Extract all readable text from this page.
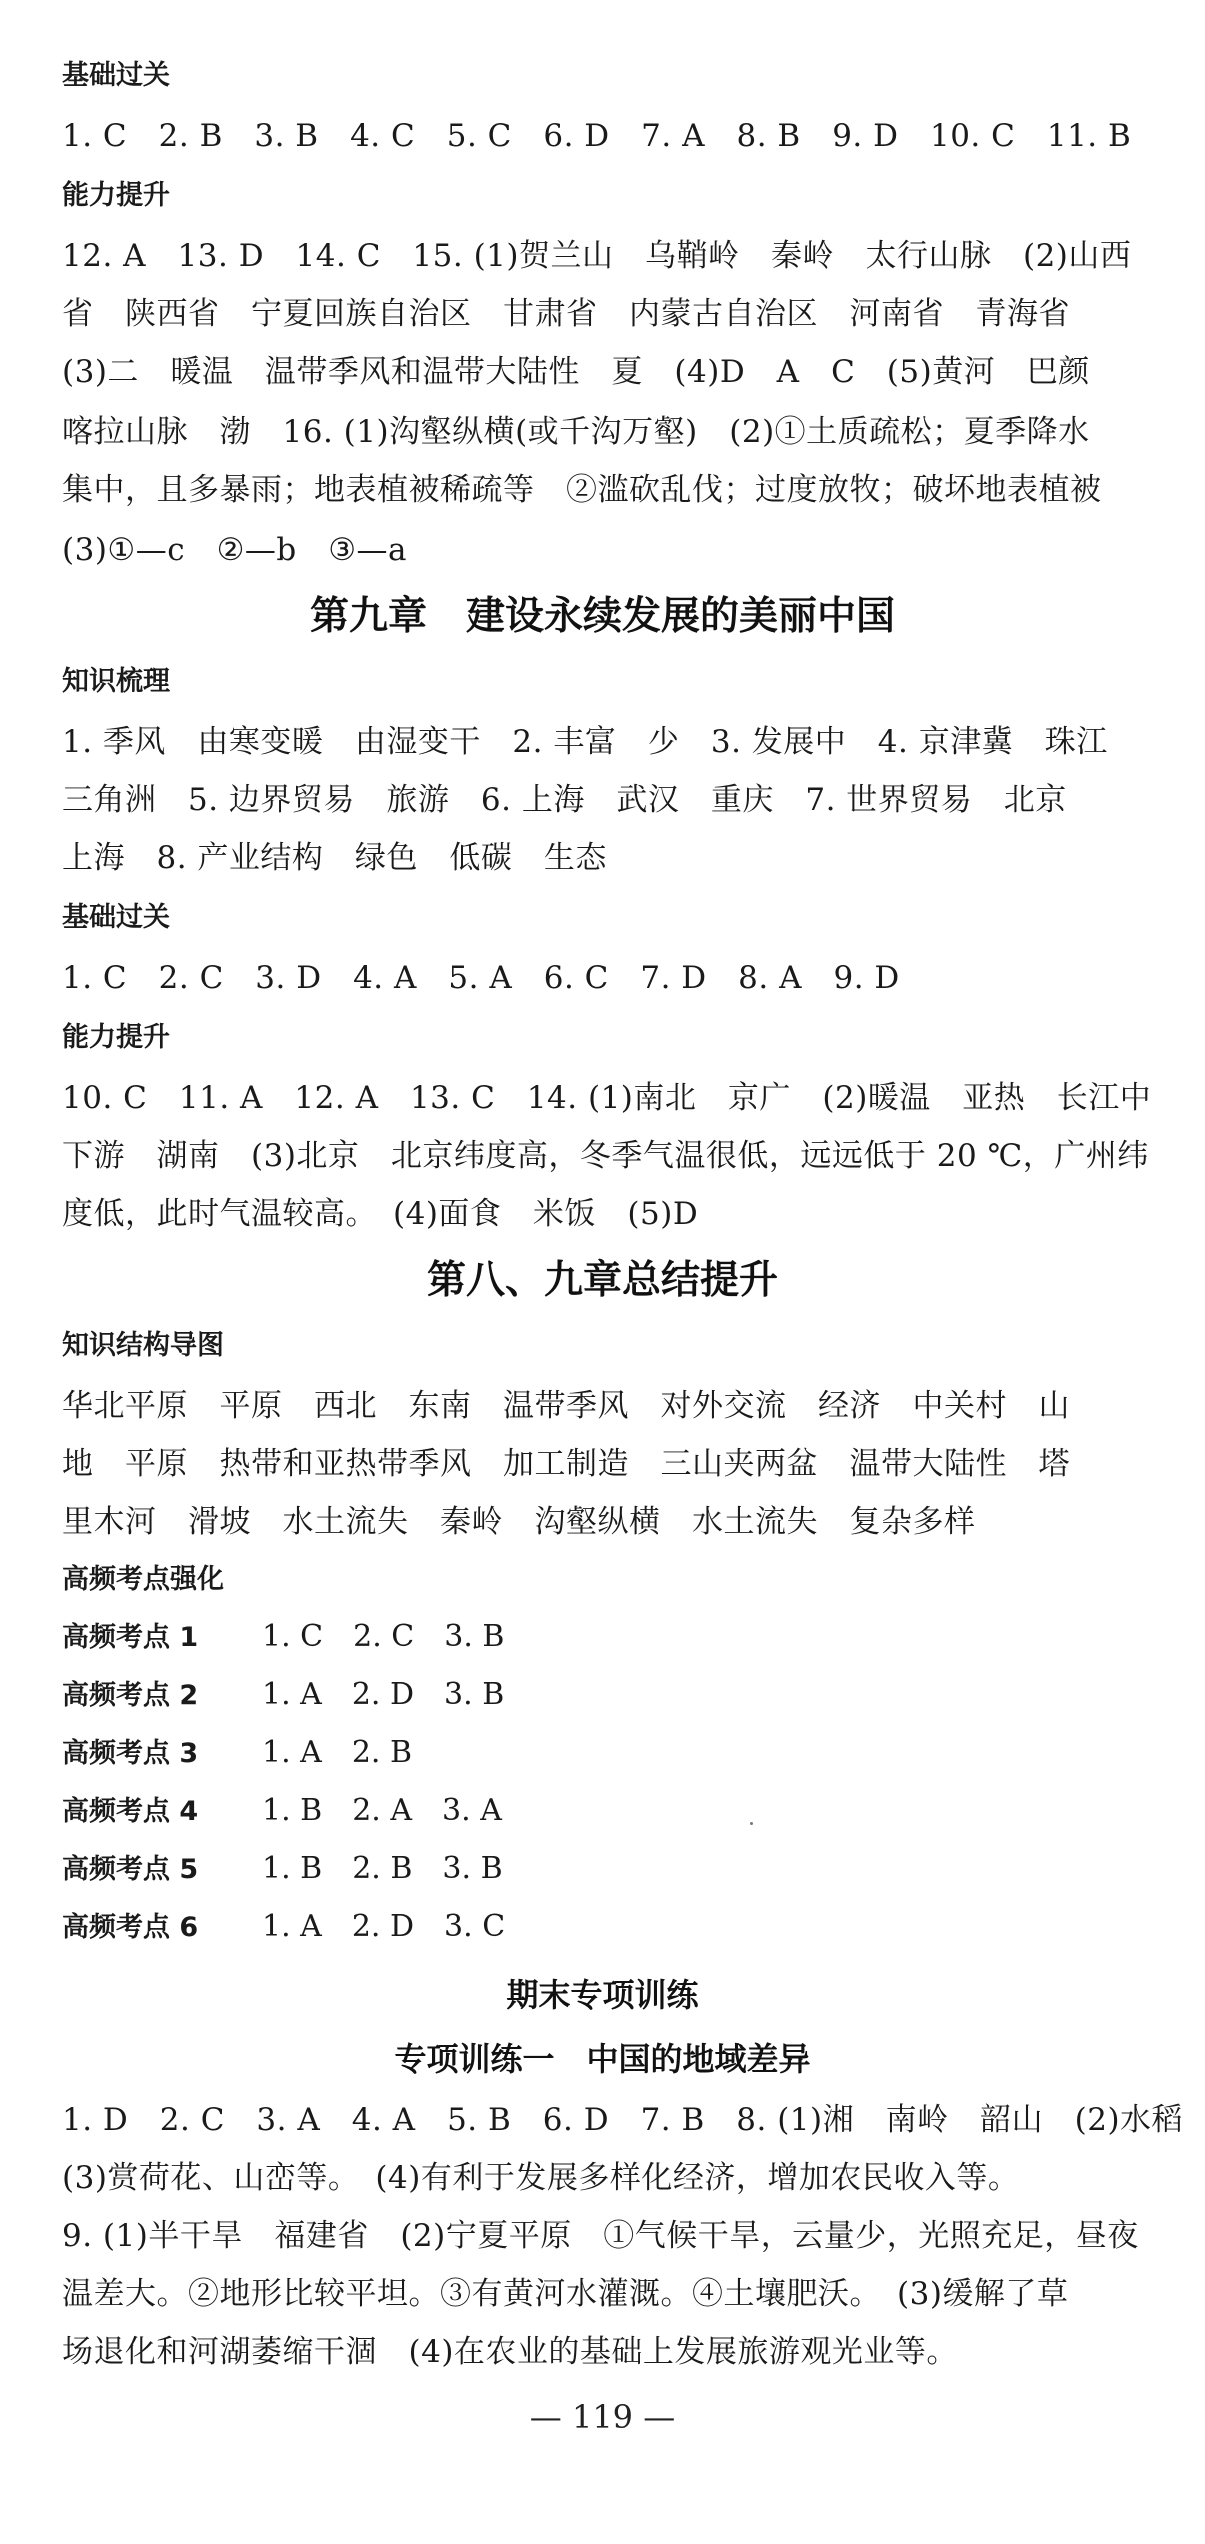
基础过关
1. C　2. B　3. B　4. C　5. C　6. D　7. A　8. B　9. D　10. C　11. B
能力提升
12. A　13. D　14. C　15. (1)贺兰山　乌鞘岭　秦岭　太行山脉　(2)山西
省　陕西省　宁夏回族自治区　甘肃省　内蒙古自治区　河南省　青海省
(3)二　暖温　温带季风和温带大陆性　夏　(4)D　A　C　(5)黄河　巴颜
喀拉山脉　渤　16. (1)沟壑纵横(或千沟万壑)　(2)①土质疏松；夏季降水
集中，且多暴雨；地表植被稀疏等　②滥砍乱伐；过度放牧；破坏地表植被
(3)①—c　②—b　③—a
第九章　建设永续发展的美丽中国
知识梳理
1. 季风　由寒变暖　由湿变干　2. 丰富　少　3. 发展中　4. 京津冀　珠江
三角洲　5. 边界贸易　旅游　6. 上海　武汉　重庆　7. 世界贸易　北京
上海　8. 产业结构　绿色　低碳　生态
基础过关
1. C　2. C　3. D　4. A　5. A　6. C　7. D　8. A　9. D
能力提升
10. C　11. A　12. A　13. C　14. (1)南北　京广　(2)暖温　亚热　长江中
下游　湖南　(3)北京　北京纬度高，冬季气温很低，远远低于 20 ℃，广州纬
度低，此时气温较高。　(4)面食　米饭　(5)D
第八、九章总结提升
知识结构导图
华北平原　平原　西北　东南　温带季风　对外交流　经济　中关村　山
地　平原　热带和亚热带季风　加工制造　三山夹两盆　温带大陆性　塔
里木河　滑坡　水土流失　秦岭　沟壑纵横　水土流失　复杂多样
高频考点强化
高频考点 1 1. C　2. C　3. B
高频考点 2 1. A　2. D　3. B
高频考点 3 1. A　2. B
高频考点 4 1. B　2. A　3. A
高频考点 5 1. B　2. B　3. B
高频考点 6 1. A　2. D　3. C
期末专项训练
专项训练一　中国的地域差异
1. D　2. C　3. A　4. A　5. B　6. D　7. B　8. (1)湘　南岭　韶山　(2)水稻
(3)赏荷花、山峦等。　(4)有利于发展多样化经济，增加农民收入等。
9. (1)半干旱　福建省　(2)宁夏平原　①气候干旱，云量少，光照充足，昼夜
温差大。②地形比较平坦。③有黄河水灌溉。④土壤肥沃。　(3)缓解了草
场退化和河湖萎缩干涸　(4)在农业的基础上发展旅游观光业等。
— 119 —
